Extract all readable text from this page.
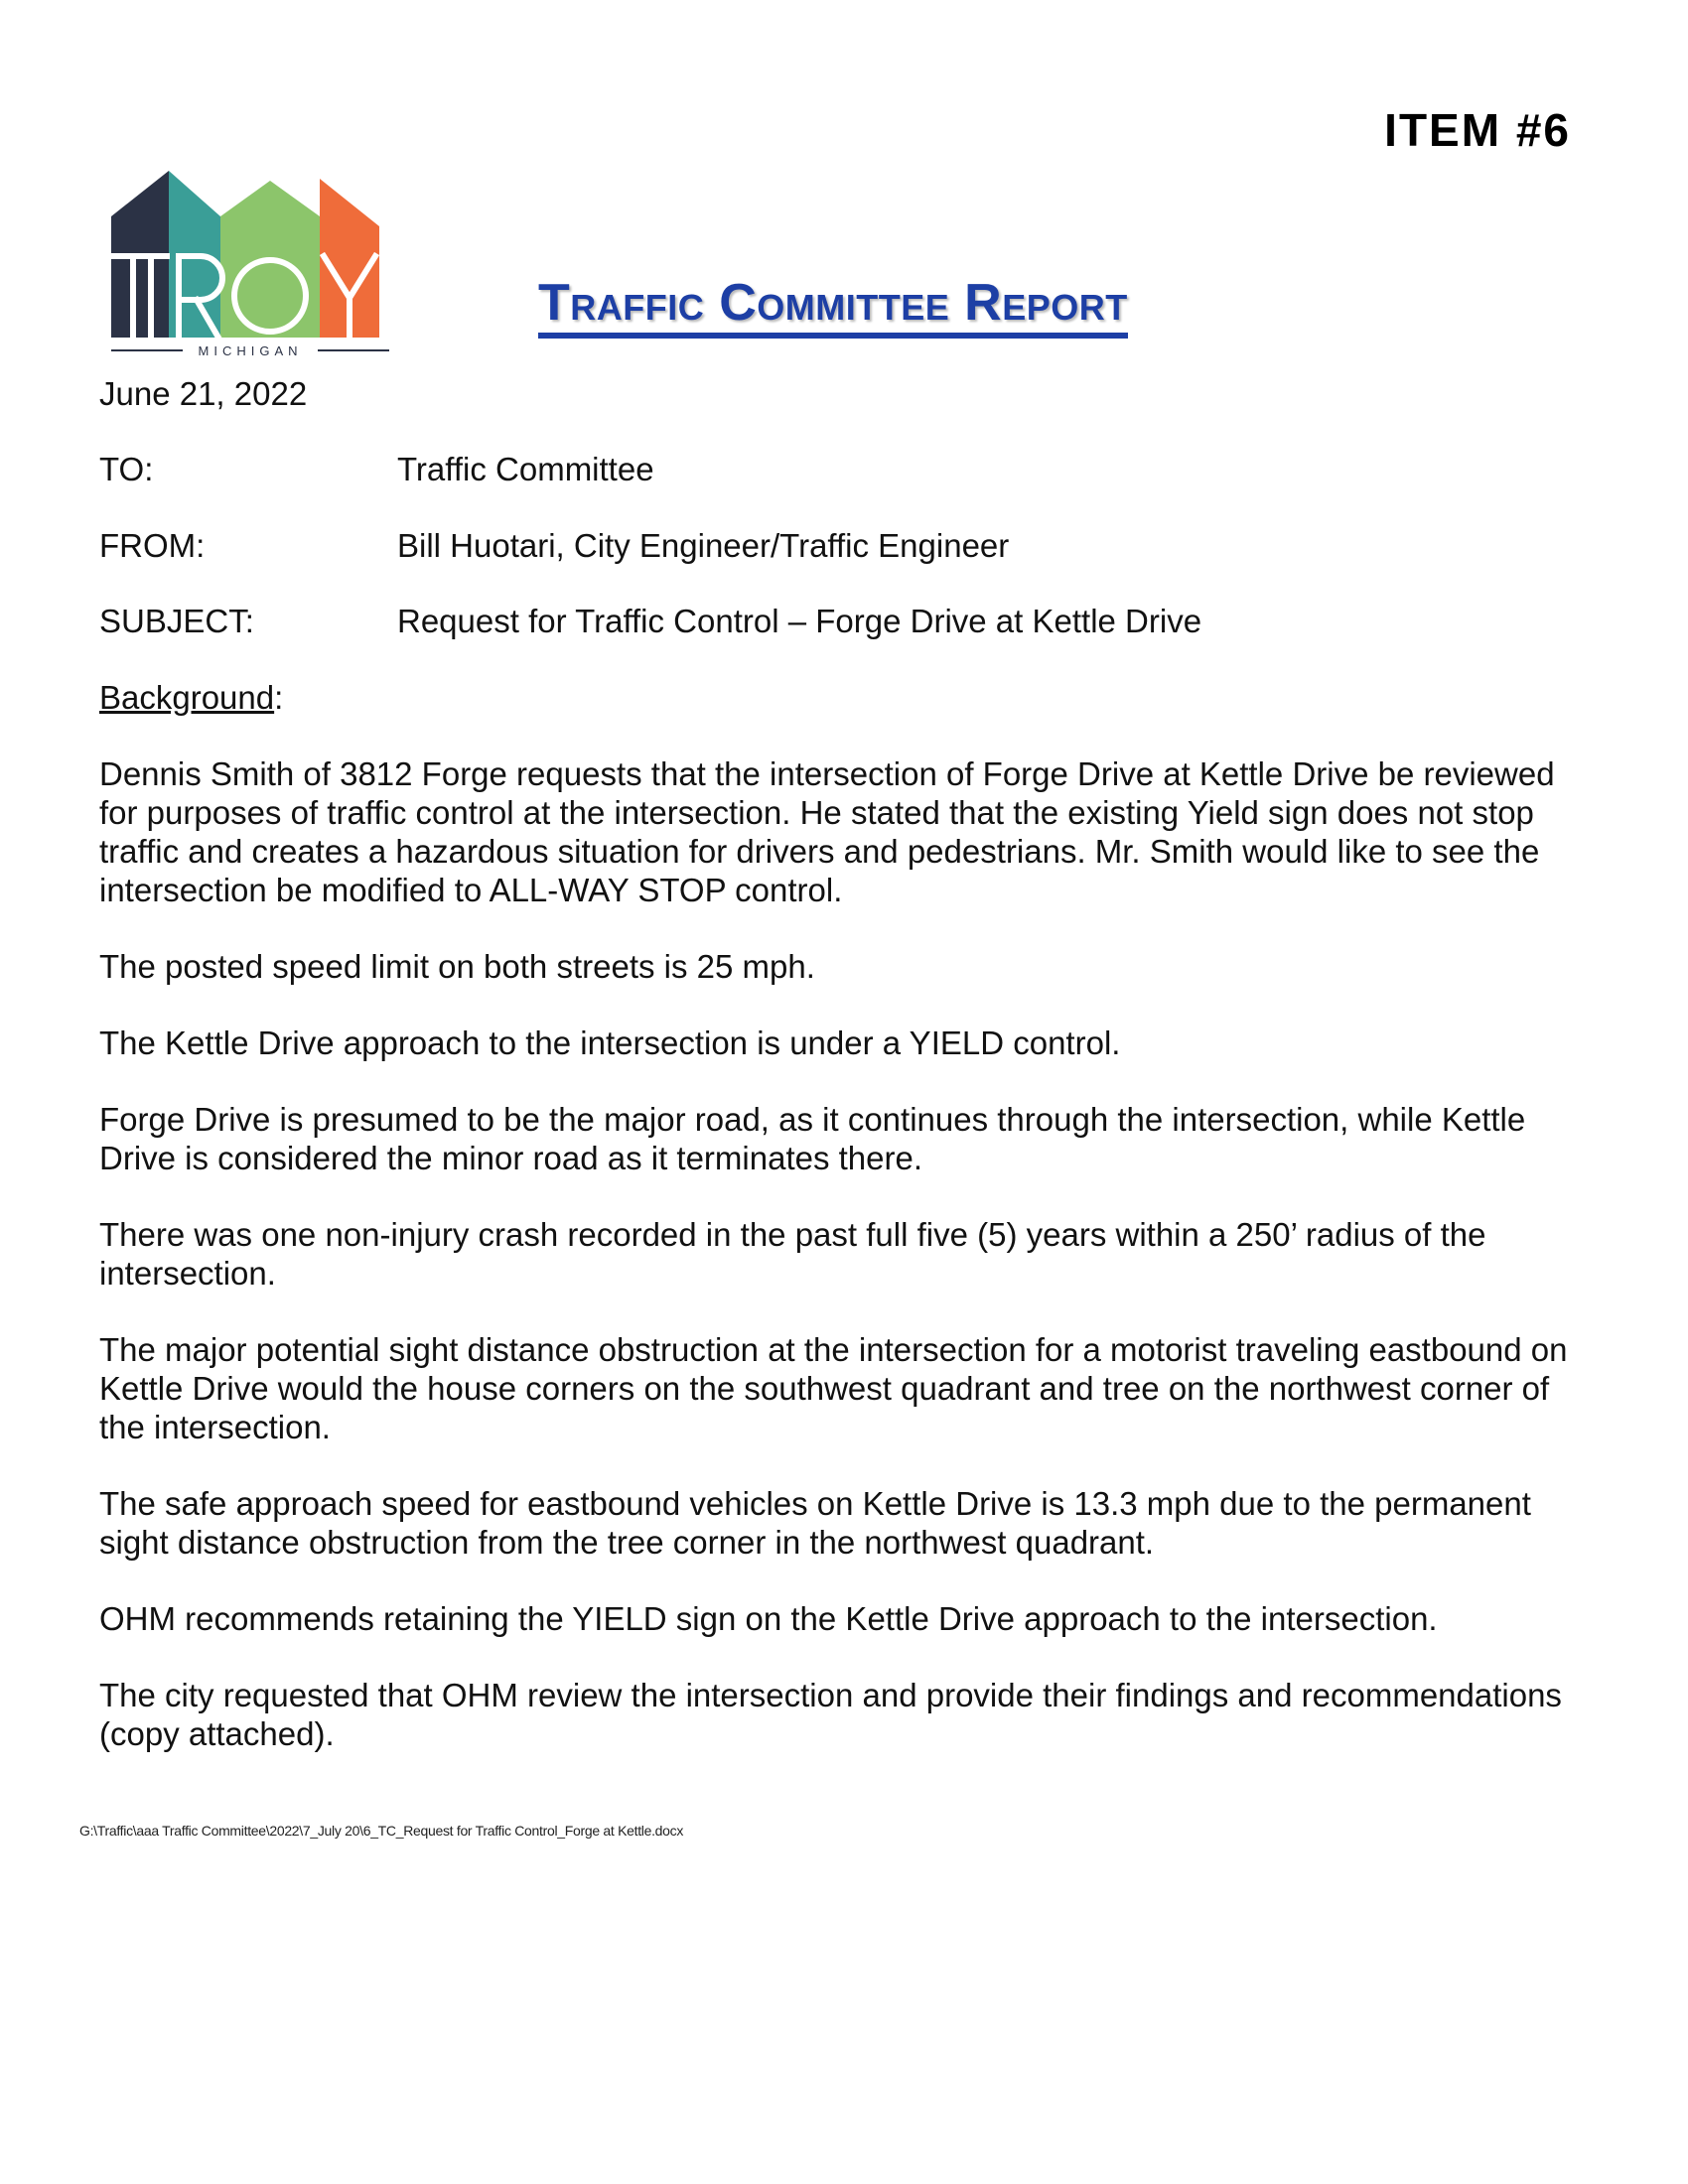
ITEM #6
MICHIGAN
Traffic Committee Report
June 21, 2022
TO:	Traffic Committee
FROM:	Bill Huotari, City Engineer/Traffic Engineer
SUBJECT:	Request for Traffic Control – Forge Drive at Kettle Drive
Background:

Dennis Smith of 3812 Forge requests that the intersection of Forge Drive at Kettle Drive be reviewed for purposes of traffic control at the intersection. He stated that the existing Yield sign does not stop traffic and creates a hazardous situation for drivers and pedestrians. Mr. Smith would like to see the intersection be modified to ALL-WAY STOP control.

The posted speed limit on both streets is 25 mph.

The Kettle Drive approach to the intersection is under a YIELD control.

Forge Drive is presumed to be the major road, as it continues through the intersection, while Kettle Drive is considered the minor road as it terminates there.

There was one non-injury crash recorded in the past full five (5) years within a 250’ radius of the intersection.

The major potential sight distance obstruction at the intersection for a motorist traveling eastbound on Kettle Drive would the house corners on the southwest quadrant and tree on the northwest corner of the intersection.

The safe approach speed for eastbound vehicles on Kettle Drive is 13.3 mph due to the permanent sight distance obstruction from the tree corner in the northwest quadrant.

OHM recommends retaining the YIELD sign on the Kettle Drive approach to the intersection.

The city requested that OHM review the intersection and provide their findings and recommendations (copy attached).

G:\Traffic\aaa Traffic Committee\2022\7_July 20\6_TC_Request for Traffic Control_Forge at Kettle.docx
